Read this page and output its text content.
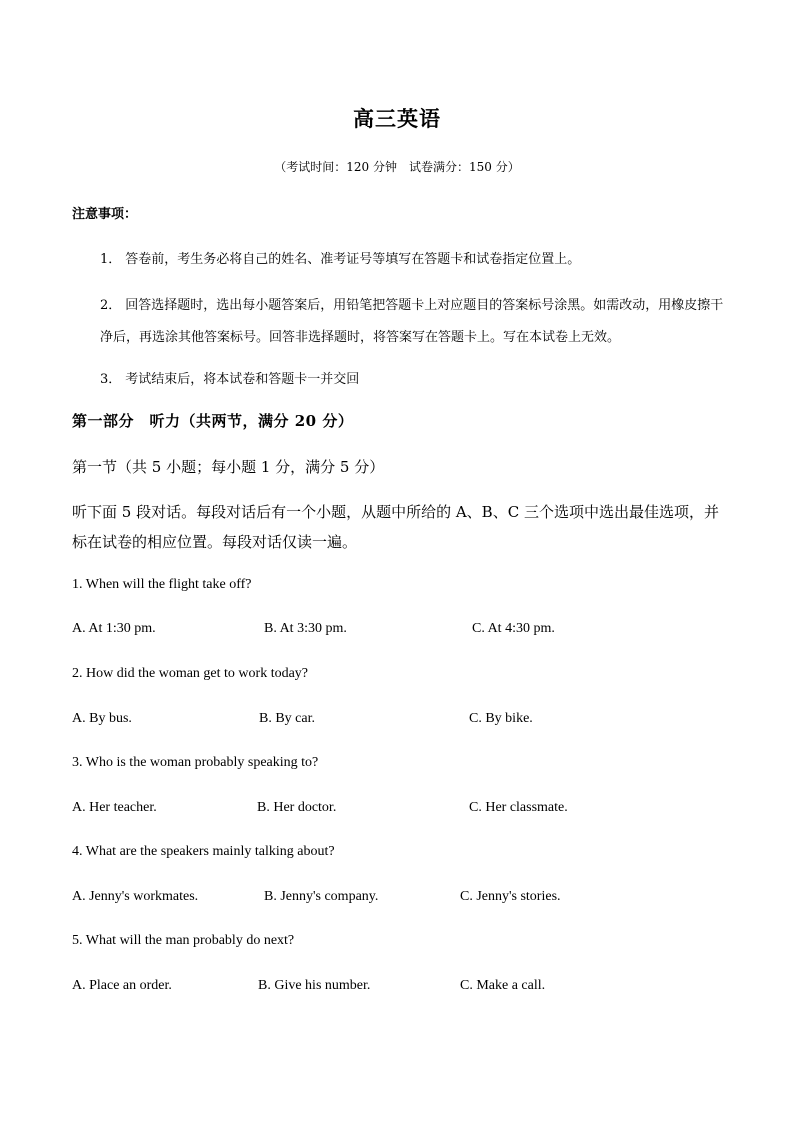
高三英语
（考试时间：120 分钟　试卷满分：150 分）
注意事项：
1． 答卷前，考生务必将自己的姓名、准考证号等填写在答题卡和试卷指定位置上。
2． 回答选择题时，选出每小题答案后，用铅笔把答题卡上对应题目的答案标号涂黑。如需改动，用橡皮擦干净后，再选涂其他答案标号。回答非选择题时，将答案写在答题卡上。写在本试卷上无效。
3． 考试结束后，将本试卷和答题卡一并交回
第一部分　听力（共两节，满分 20 分）
第一节（共 5 小题；每小题 1 分，满分 5 分）
听下面 5 段对话。每段对话后有一个小题，从题中所给的 A、B、C 三个选项中选出最佳选项，并标在试卷的相应位置。每段对话仅读一遍。
1. When will the flight take off?
A. At 1:30 pm.	B. At 3:30 pm.	C. At 4:30 pm.
2. How did the woman get to work today?
A. By bus.	B. By car.	C. By bike.
3. Who is the woman probably speaking to?
A. Her teacher.	B. Her doctor.	C. Her classmate.
4. What are the speakers mainly talking about?
A. Jenny's workmates.	B. Jenny's company.	C. Jenny's stories.
5. What will the man probably do next?
A. Place an order.	B. Give his number.	C. Make a call.
